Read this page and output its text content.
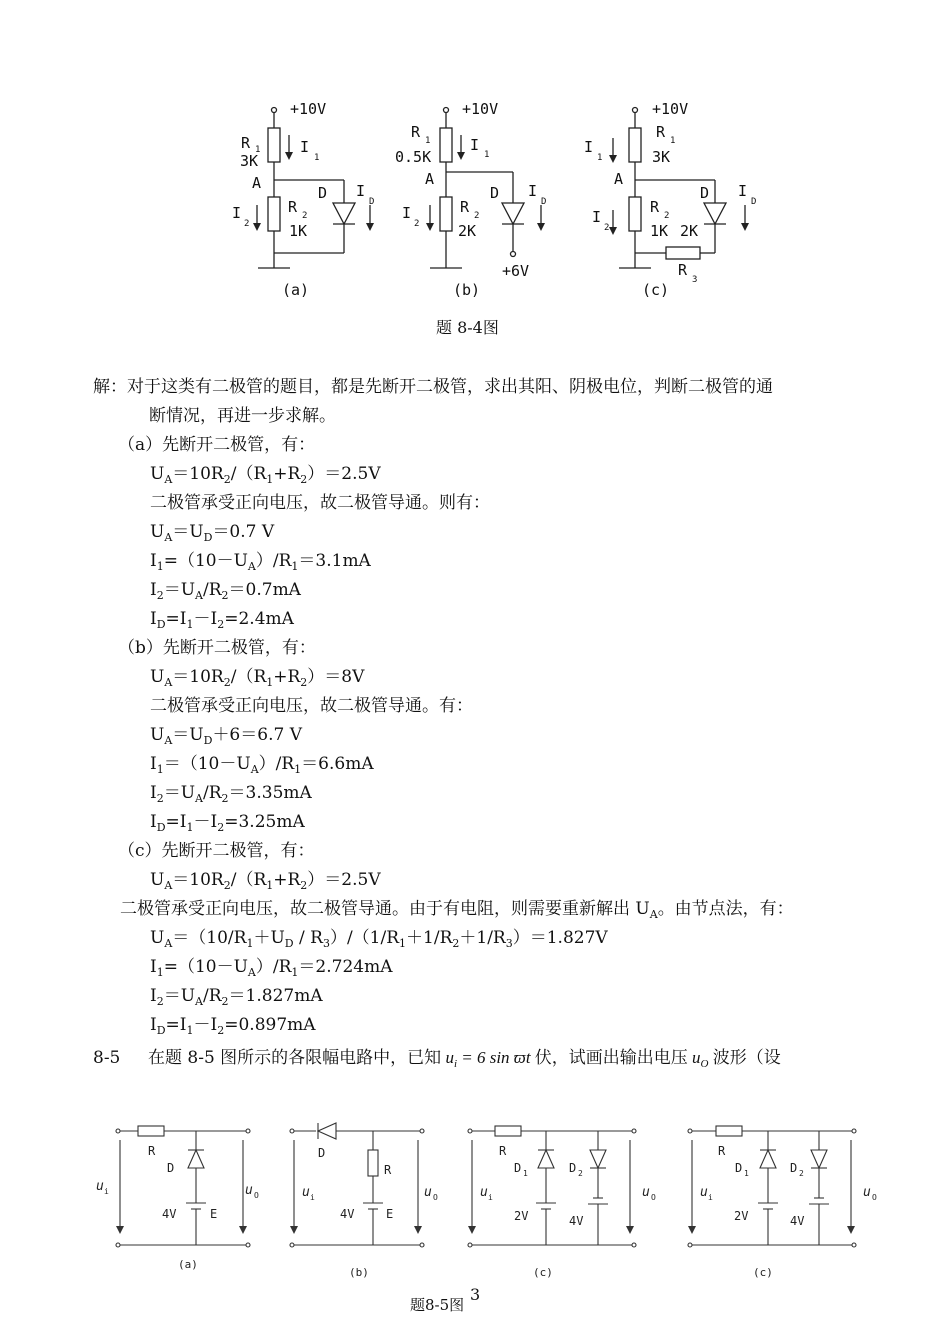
+10V
R 1
3K
I
1
A
D I
D
R 2
I
2	1K
(a)
+10V
R 1
0.5K
I
1
A
D I
D
R 2
I
2	2K
+6V
(b)
+10V
I
1
R 1
3K
A
D I
D
R 2
I
2	1K 2K
R
3
(c)
题 8-4图
解：对于这类有二极管的题目，都是先断开二极管，求出其阳、阴极电位，判断二极管的通
断情况，再进一步求解。
（a）先断开二极管，有：
$U_A=10R_2/(R_1+R_2)=2.5V$
二极管承受正向电压，故二极管导通。则有：
$U_A=U_D=0.7$ V
$I_1=(10-U_A)/R_1=3.1mA$
$I_2=U_A/R_2=0.7mA$
$I_D=I_1-I_2=2.4mA$
（b）先断开二极管，有：
$U_A=10R_2/(R_1+R_2)=8V$
二极管承受正向电压，故二极管导通。有：
$U_A=U_D+6=6.7$ V
$I_1=(10-U_A)/R_1=6.6mA$
$I_2=U_A/R_2=3.35mA$
$I_D=I_1-I_2=3.25mA$
（c）先断开二极管，有：
$U_A=10R_2/(R_1+R_2)=2.5V$
二极管承受正向电压，故二极管导通。由于有电阻，则需要重新解出 $U_A$。由节点法，有：
$U_A=(10/R_1+U_D / R_3)/(1/R_1+1/R_2+1/R_3)=1.827V$
$I_1=(10-U_A)/R_1=2.724mA$
$I_2=U_A/R_2=1.827mA$
$I_D=I_1-I_2=0.897mA$
8-5 在题 8-5 图所示的各限幅电路中，已知 $u_i = 6$ sin ϖt 伏，试画出输出电压 $u_O$ 波形（设
R
D
u i	u O
4V	E
(a)
D
R
u i	u O
4V	E
(b)
R
D 1	D 2
u i	u O
2V	4V
(c)
R
D 1	D 2
u i	u O
2V	4V
(c)
题8-5图
3
